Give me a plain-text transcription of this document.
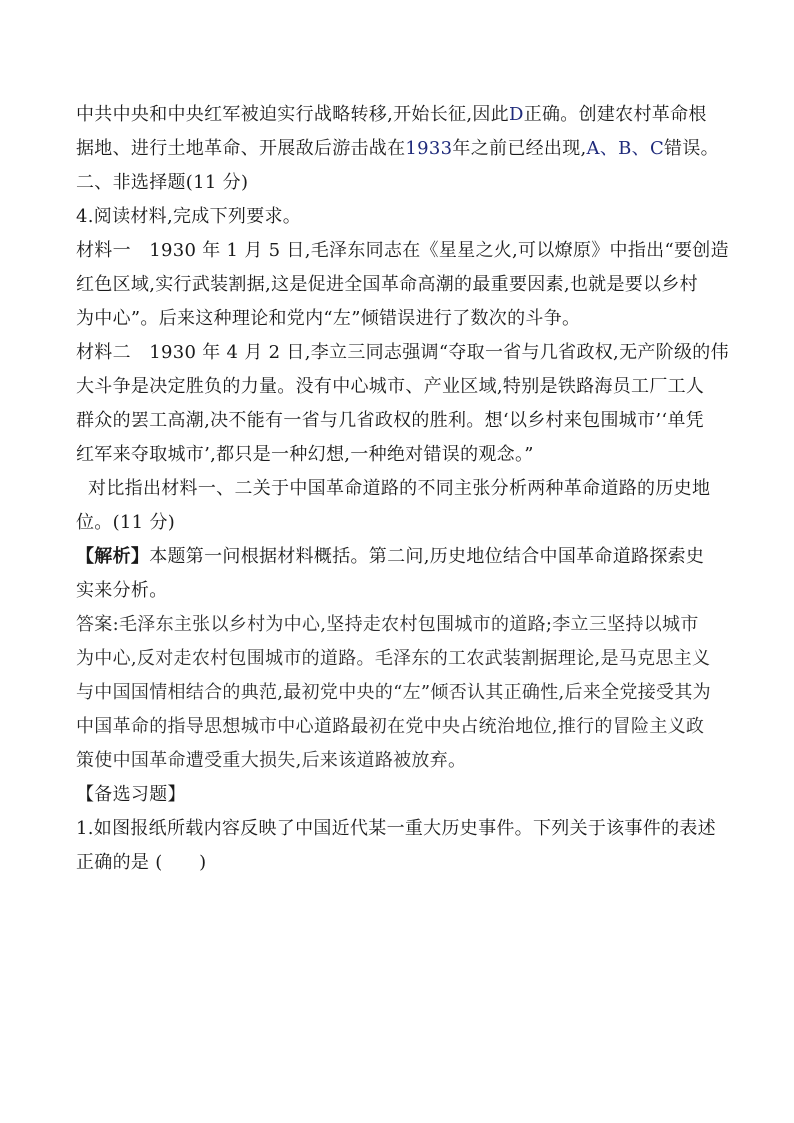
中共中央和中央红军被迫实行战略转移,开始长征,因此D正确。创建农村革命根
据地、进行土地革命、开展敌后游击战在1933年之前已经出现,A、B、C错误。
二、非选择题(11 分)
4.阅读材料,完成下列要求。
材料一　1930 年 1 月 5 日,毛泽东同志在《星星之火,可以燎原》中指出“要创造
红色区域,实行武装割据,这是促进全国革命高潮的最重要因素,也就是要以乡村
为中心”。后来这种理论和党内“左”倾错误进行了数次的斗争。
材料二　1930 年 4 月 2 日,李立三同志强调“夺取一省与几省政权,无产阶级的伟
大斗争是决定胜负的力量。没有中心城市、产业区域,特别是铁路海员工厂工人
群众的罢工高潮,决不能有一省与几省政权的胜利。想‘以乡村来包围城市’‘单凭
红军来夺取城市’,都只是一种幻想,一种绝对错误的观念。”
对比指出材料一、二关于中国革命道路的不同主张分析两种革命道路的历史地
位。(11 分)
【解析】本题第一问根据材料概括。第二问,历史地位结合中国革命道路探索史
实来分析。
答案:毛泽东主张以乡村为中心,坚持走农村包围城市的道路;李立三坚持以城市
为中心,反对走农村包围城市的道路。毛泽东的工农武装割据理论,是马克思主义
与中国国情相结合的典范,最初党中央的“左”倾否认其正确性,后来全党接受其为
中国革命的指导思想城市中心道路最初在党中央占统治地位,推行的冒险主义政
策使中国革命遭受重大损失,后来该道路被放弃。
【备选习题】
1.如图报纸所载内容反映了中国近代某一重大历史事件。下列关于该事件的表述
正确的是 (　　)
